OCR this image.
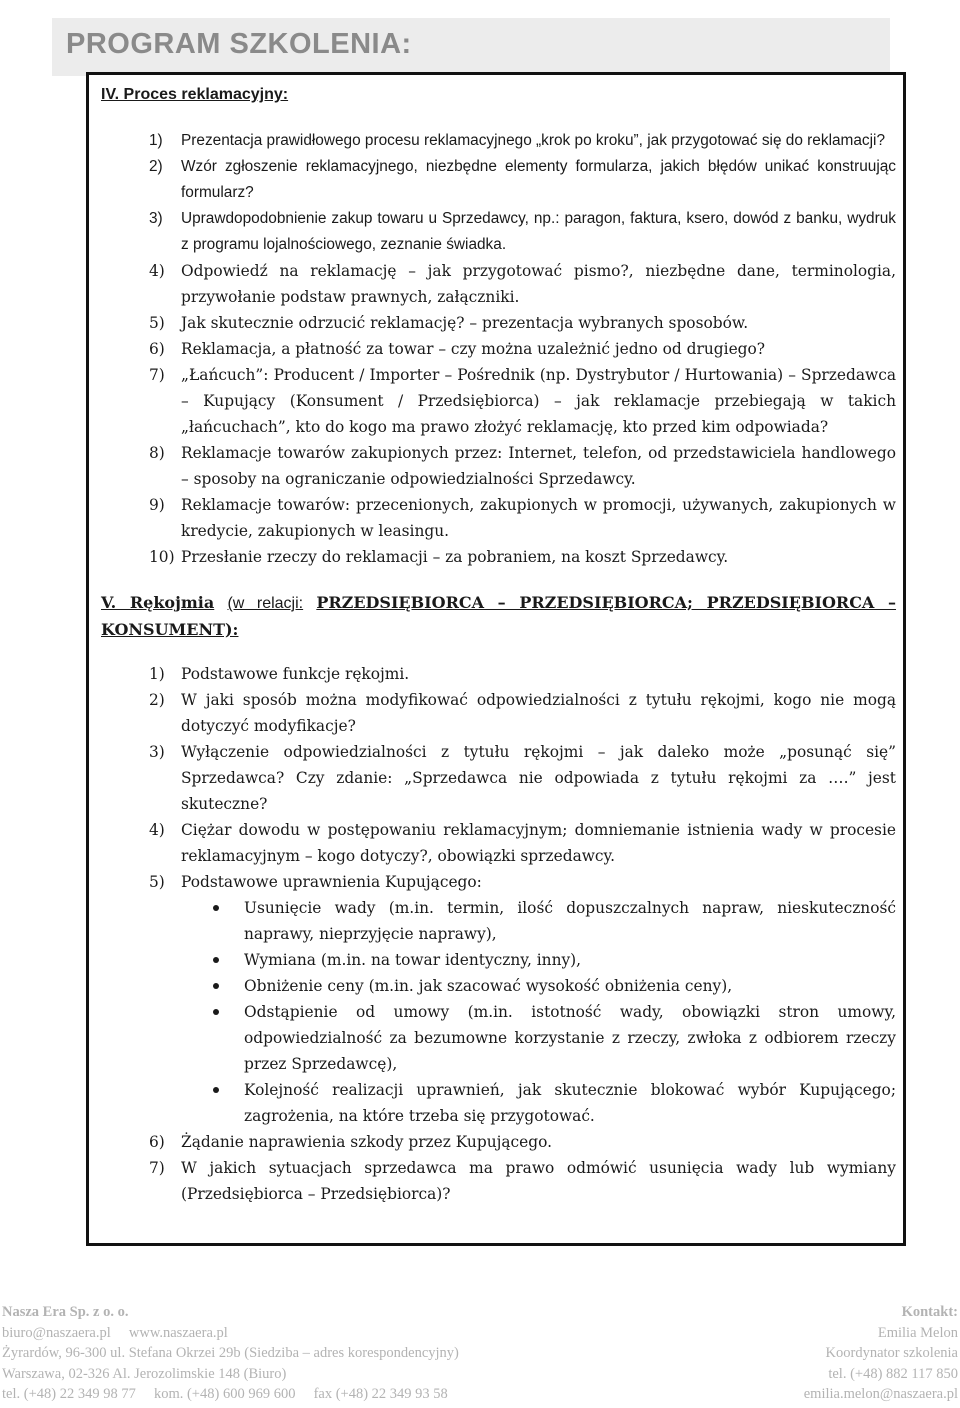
PROGRAM SZKOLENIA:
IV. Proces reklamacyjny:
1) Prezentacja prawidłowego procesu reklamacyjnego „krok po kroku”, jak przygotować się do reklamacji?
2) Wzór zgłoszenie reklamacyjnego, niezbędne elementy formularza, jakich błędów unikać konstruując formularz?
3) Uprawdopodobnienie zakup towaru u Sprzedawcy, np.: paragon, faktura, ksero, dowód z banku, wydruk z programu lojalnościowego, zeznanie świadka.
4) Odpowiedź na reklamację – jak przygotować pismo?, niezbędne dane, terminologia, przywołanie podstaw prawnych, załączniki.
5) Jak skutecznie odrzucić reklamację? – prezentacja wybranych sposobów.
6) Reklamacja, a płatność za towar – czy można uzależnić jedno od drugiego?
7) „Łańcuch”: Producent / Importer – Pośrednik (np. Dystrybutor / Hurtowania) – Sprzedawca – Kupujący (Konsument / Przedsiębiorca) – jak reklamacje przebiegają w takich „łańcuchach”, kto do kogo ma prawo złożyć reklamację, kto przed kim odpowiada?
8) Reklamacje towarów zakupionych przez: Internet, telefon, od przedstawiciela handlowego – sposoby na ograniczanie odpowiedzialności Sprzedawcy.
9) Reklamacje towarów: przecenionych, zakupionych w promocji, używanych, zakupionych w kredycie, zakupionych w leasingu.
10) Przesłanie rzeczy do reklamacji – za pobraniem, na koszt Sprzedawcy.
V. Rękojmia (w relacji: PRZEDSIĘBIORCA – PRZEDSIĘBIORCA; PRZEDSIĘBIORCA –
KONSUMENT):
1) Podstawowe funkcje rękojmi.
2) W jaki sposób można modyfikować odpowiedzialności z tytułu rękojmi, kogo nie mogą dotyczyć modyfikacje?
3) Wyłączenie odpowiedzialności z tytułu rękojmi – jak daleko może „posunąć się” Sprzedawca? Czy zdanie: „Sprzedawca nie odpowiada z tytułu rękojmi za ….” jest skuteczne?
4) Ciężar dowodu w postępowaniu reklamacyjnym; domniemanie istnienia wady w procesie reklamacyjnym – kogo dotyczy?, obowiązki sprzedawcy.
5) Podstawowe uprawnienia Kupującego:
Usunięcie wady (m.in. termin, ilość dopuszczalnych napraw, nieskuteczność naprawy, nieprzyjęcie naprawy),
Wymiana (m.in. na towar identyczny, inny),
Obniżenie ceny (m.in. jak szacować wysokość obniżenia ceny),
Odstąpienie od umowy (m.in. istotność wady, obowiązki stron umowy, odpowiedzialność za bezumowne korzystanie z rzeczy, zwłoka z odbiorem rzeczy przez Sprzedawcę),
Kolejność realizacji uprawnień, jak skutecznie blokować wybór Kupującego; zagrożenia, na które trzeba się przygotować.
6) Żądanie naprawienia szkody przez Kupującego.
7) W jakich sytuacjach sprzedawca ma prawo odmówić usunięcia wady lub wymiany (Przedsiębiorca – Przedsiębiorca)?
Nasza Era Sp. z o. o.	Kontakt:
biuro@naszaera.pl     www.naszaera.pl	Emilia Melon
Żyrardów, 96-300 ul. Stefana Okrzei 29b (Siedziba – adres korespondencyjny)	Koordynator szkolenia
Warszawa, 02-326 Al. Jerozolimskie 148 (Biuro)	tel. (+48) 882 117 850
tel. (+48) 22 349 98 77     kom. (+48) 600 969 600     fax (+48) 22 349 93 58	emilia.melon@naszaera.pl
